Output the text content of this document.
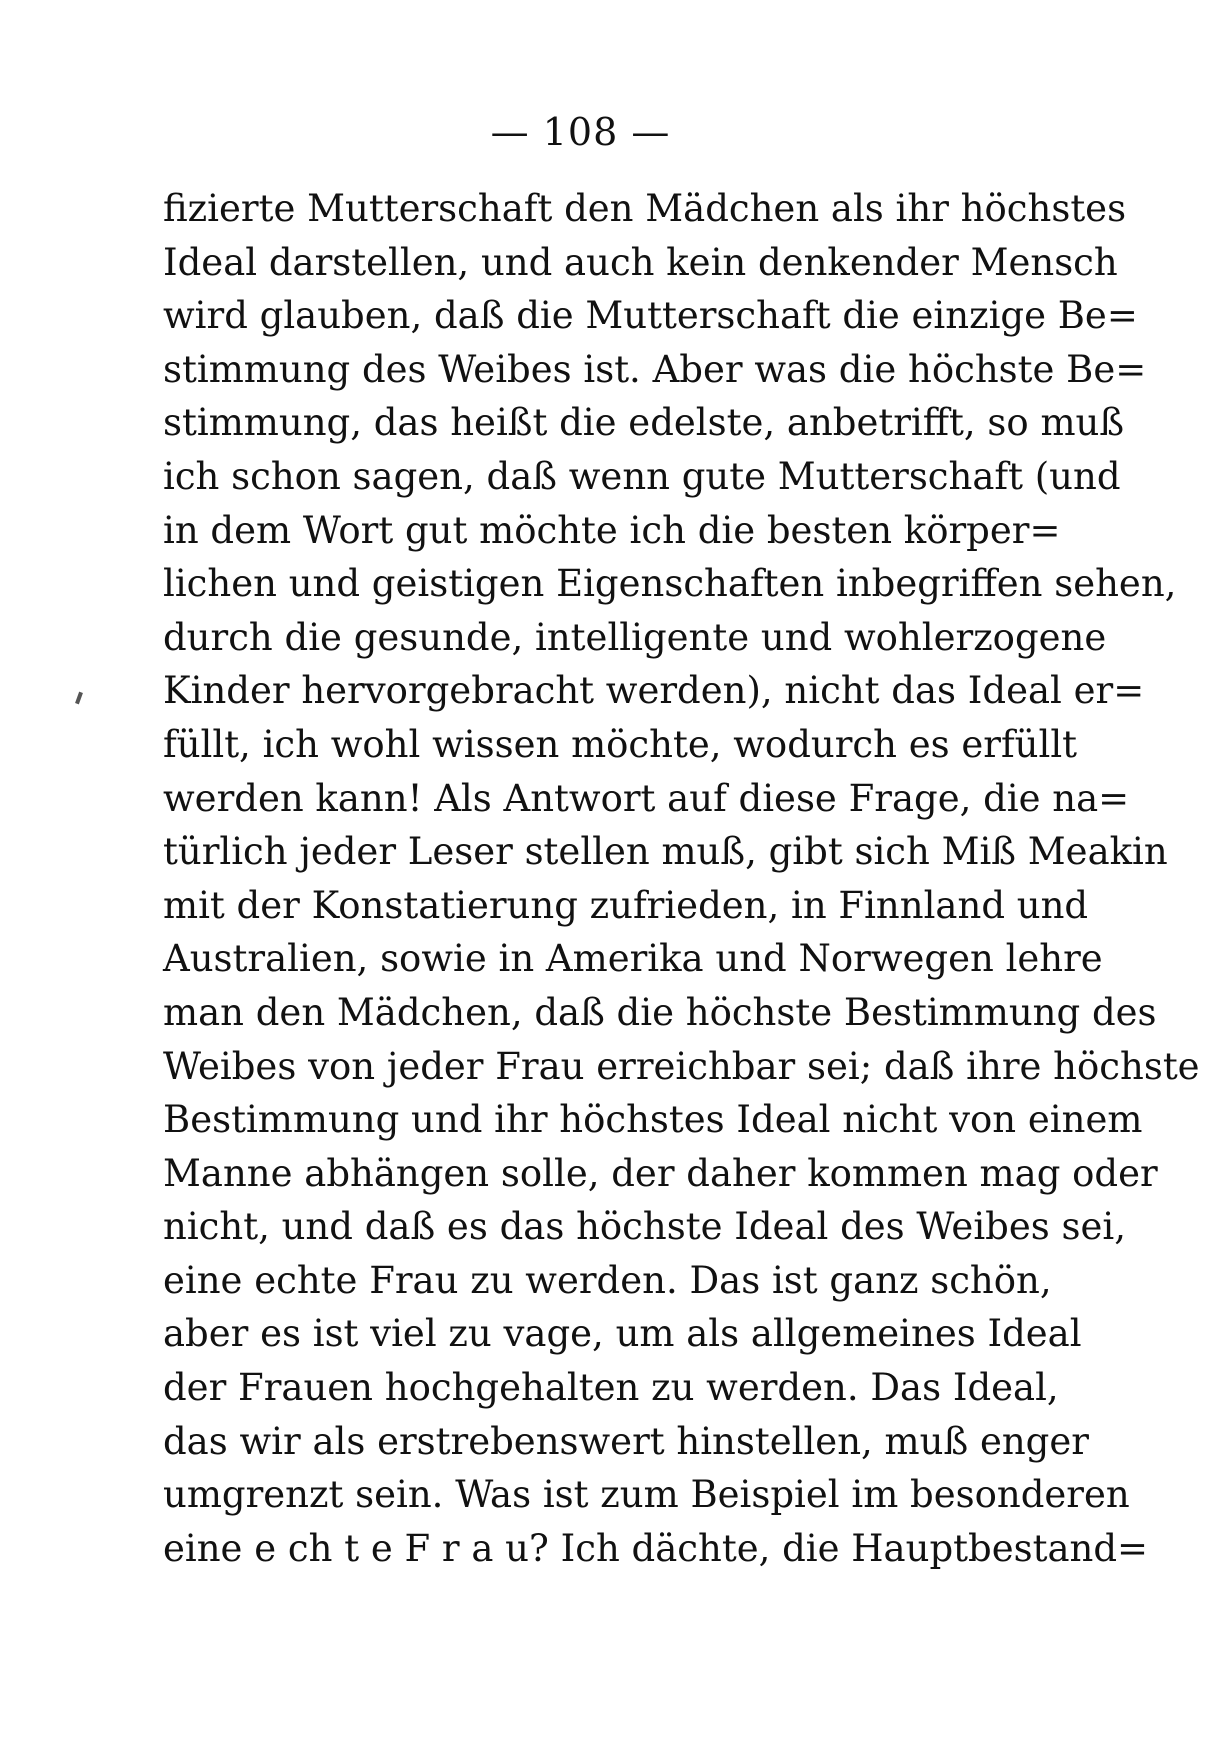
— 108 —
fizierte Mutterschaft den Mädchen als ihr höchstes
Ideal darstellen, und auch kein denkender Mensch
wird glauben, daß die Mutterschaft die einzige Be=
stimmung des Weibes ist. Aber was die höchste Be=
stimmung, das heißt die edelste, anbetrifft, so muß
ich schon sagen, daß wenn gute Mutterschaft (und
in dem Wort gut möchte ich die besten körper=
lichen und geistigen Eigenschaften inbegriffen sehen,
durch die gesunde, intelligente und wohlerzogene
Kinder hervorgebracht werden), nicht das Ideal er=
füllt, ich wohl wissen möchte, wodurch es erfüllt
werden kann! Als Antwort auf diese Frage, die na=
türlich jeder Leser stellen muß, gibt sich Miß Meakin
mit der Konstatierung zufrieden, in Finnland und
Australien, sowie in Amerika und Norwegen lehre
man den Mädchen, daß die höchste Bestimmung des
Weibes von jeder Frau erreichbar sei; daß ihre höchste
Bestimmung und ihr höchstes Ideal nicht von einem
Manne abhängen solle, der daher kommen mag oder
nicht, und daß es das höchste Ideal des Weibes sei,
eine echte Frau zu werden. Das ist ganz schön,
aber es ist viel zu vage, um als allgemeines Ideal
der Frauen hochgehalten zu werden. Das Ideal,
das wir als erstrebenswert hinstellen, muß enger
umgrenzt sein. Was ist zum Beispiel im besonderen
eine e ch t e F r a u? Ich dächte, die Hauptbestand=
